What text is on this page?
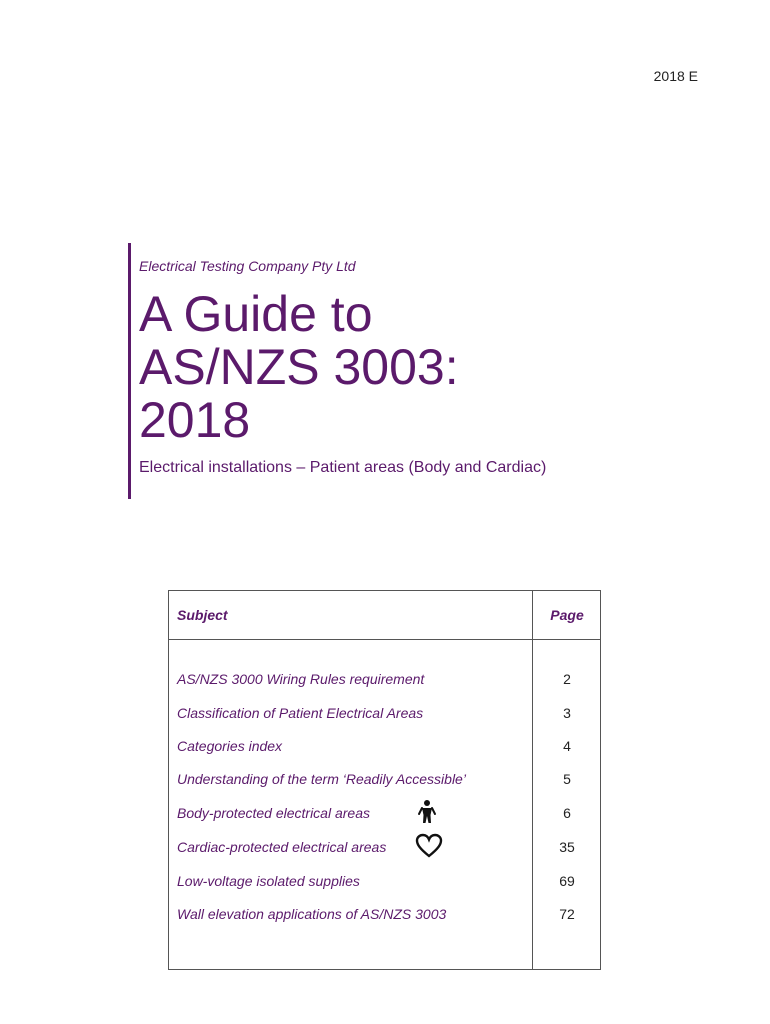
2018 E
Electrical Testing Company Pty Ltd
A Guide to
AS/NZS 3003:
2018
Electrical installations – Patient areas (Body and Cardiac)
Subject	Page
AS/NZS 3000 Wiring Rules requirement	2
Classification of Patient Electrical Areas	3
Categories index	4
Understanding of the term ‘Readily Accessible’	5
Body-protected electrical areas	6
Cardiac-protected electrical areas	35
Low-voltage isolated supplies	69
Wall elevation applications of AS/NZS 3003	72
